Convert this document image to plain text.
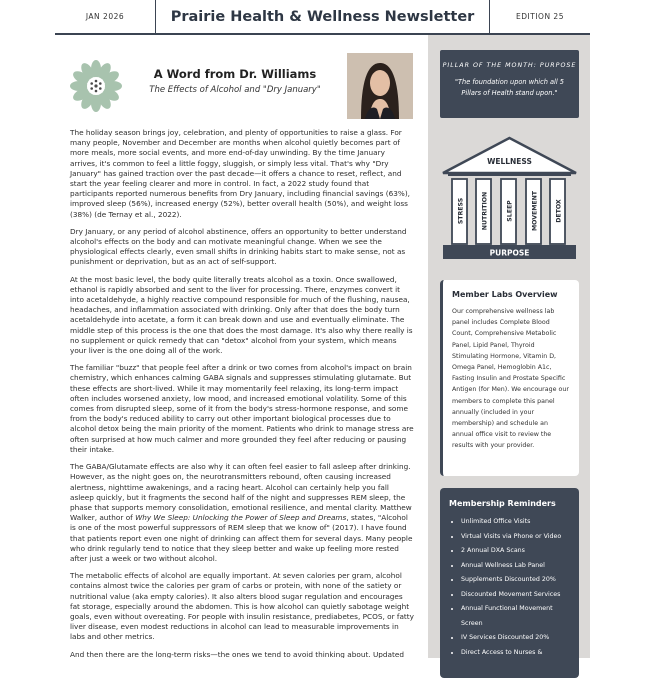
JAN 2026	Prairie Health & Wellness Newsletter	EDITION 25
A Word from Dr. Williams
The Effects of Alcohol and "Dry January"

The holiday season brings joy, celebration, and plenty of opportunities to raise a glass. For many people, November and December are months when alcohol quietly becomes part of more meals, more social events, and more end-of-day unwinding. By the time January arrives, it's common to feel a little foggy, sluggish, or simply less vital. That's why "Dry January" has gained traction over the past decade—it offers a chance to reset, reflect, and start the year feeling clearer and more in control. In fact, a 2022 study found that participants reported numerous benefits from Dry January, including financial savings (63%), improved sleep (56%), increased energy (52%), better overall health (50%), and weight loss (38%) (de Ternay et al., 2022).

Dry January, or any period of alcohol abstinence, offers an opportunity to better understand alcohol's effects on the body and can motivate meaningful change. When we see the physiological effects clearly, even small shifts in drinking habits start to make sense, not as punishment or deprivation, but as an act of self-support.

At the most basic level, the body quite literally treats alcohol as a toxin. Once swallowed, ethanol is rapidly absorbed and sent to the liver for processing. There, enzymes convert it into acetaldehyde, a highly reactive compound responsible for much of the flushing, nausea, headaches, and inflammation associated with drinking. Only after that does the body turn acetaldehyde into acetate, a form it can break down and use and eventually eliminate. The middle step of this process is the one that does the most damage. It's also why there really is no supplement or quick remedy that can "detox" alcohol from your system, which means your liver is the one doing all of the work.

The familiar "buzz" that people feel after a drink or two comes from alcohol's impact on brain chemistry, which enhances calming GABA signals and suppresses stimulating glutamate. But these effects are short-lived. While it may momentarily feel relaxing, its long-term impact often includes worsened anxiety, low mood, and increased emotional volatility. Some of this comes from disrupted sleep, some of it from the body's stress-hormone response, and some from the body's reduced ability to carry out other important biological processes due to alcohol detox being the main priority of the moment. Patients who drink to manage stress are often surprised at how much calmer and more grounded they feel after reducing or pausing their intake.

The GABA/Glutamate effects are also why it can often feel easier to fall asleep after drinking. However, as the night goes on, the neurotransmitters rebound, often causing increased alertness, nighttime awakenings, and a racing heart. Alcohol can certainly help you fall asleep quickly, but it fragments the second half of the night and suppresses REM sleep, the phase that supports memory consolidation, emotional resilience, and mental clarity. Matthew Walker, author of Why We Sleep: Unlocking the Power of Sleep and Dreams, states, "Alcohol is one of the most powerful suppressors of REM sleep that we know of" (2017). I have found that patients report even one night of drinking can affect them for several days. Many people who drink regularly tend to notice that they sleep better and wake up feeling more rested after just a week or two without alcohol.

The metabolic effects of alcohol are equally important. At seven calories per gram, alcohol contains almost twice the calories per gram of carbs or protein, with none of the satiety or nutritional value (aka empty calories). It also alters blood sugar regulation and encourages fat storage, especially around the abdomen. This is how alcohol can quietly sabotage weight goals, even without overeating. For people with insulin resistance, prediabetes, PCOS, or fatty liver disease, even modest reductions in alcohol can lead to measurable improvements in labs and other metrics.

And then there are the long-term risks—the ones we tend to avoid thinking about. Updated

PILLAR OF THE MONTH: PURPOSE
"The foundation upon which all 5 Pillars of Health stand upon."
WELLNESS
STRESS	NUTRITION	SLEEP	MOVEMENT	DETOX
PURPOSE
Member Labs Overview
Our comprehensive wellness lab panel includes Complete Blood Count, Comprehensive Metabolic Panel, Lipid Panel, Thyroid Stimulating Hormone, Vitamin D, Omega Panel, Hemoglobin A1c, Fasting Insulin and Prostate Specific Antigen (for Men). We encourage our members to complete this panel annually (included in your membership) and schedule an annual office visit to review the results with your provider.
Membership Reminders
• Unlimited Office Visits
• Virtual Visits via Phone or Video
• 2 Annual DXA Scans
• Annual Wellness Lab Panel
• Supplements Discounted 20%
• Discounted Movement Services
• Annual Functional Movement Screen
• IV Services Discounted 20%
• Direct Access to Nurses &
